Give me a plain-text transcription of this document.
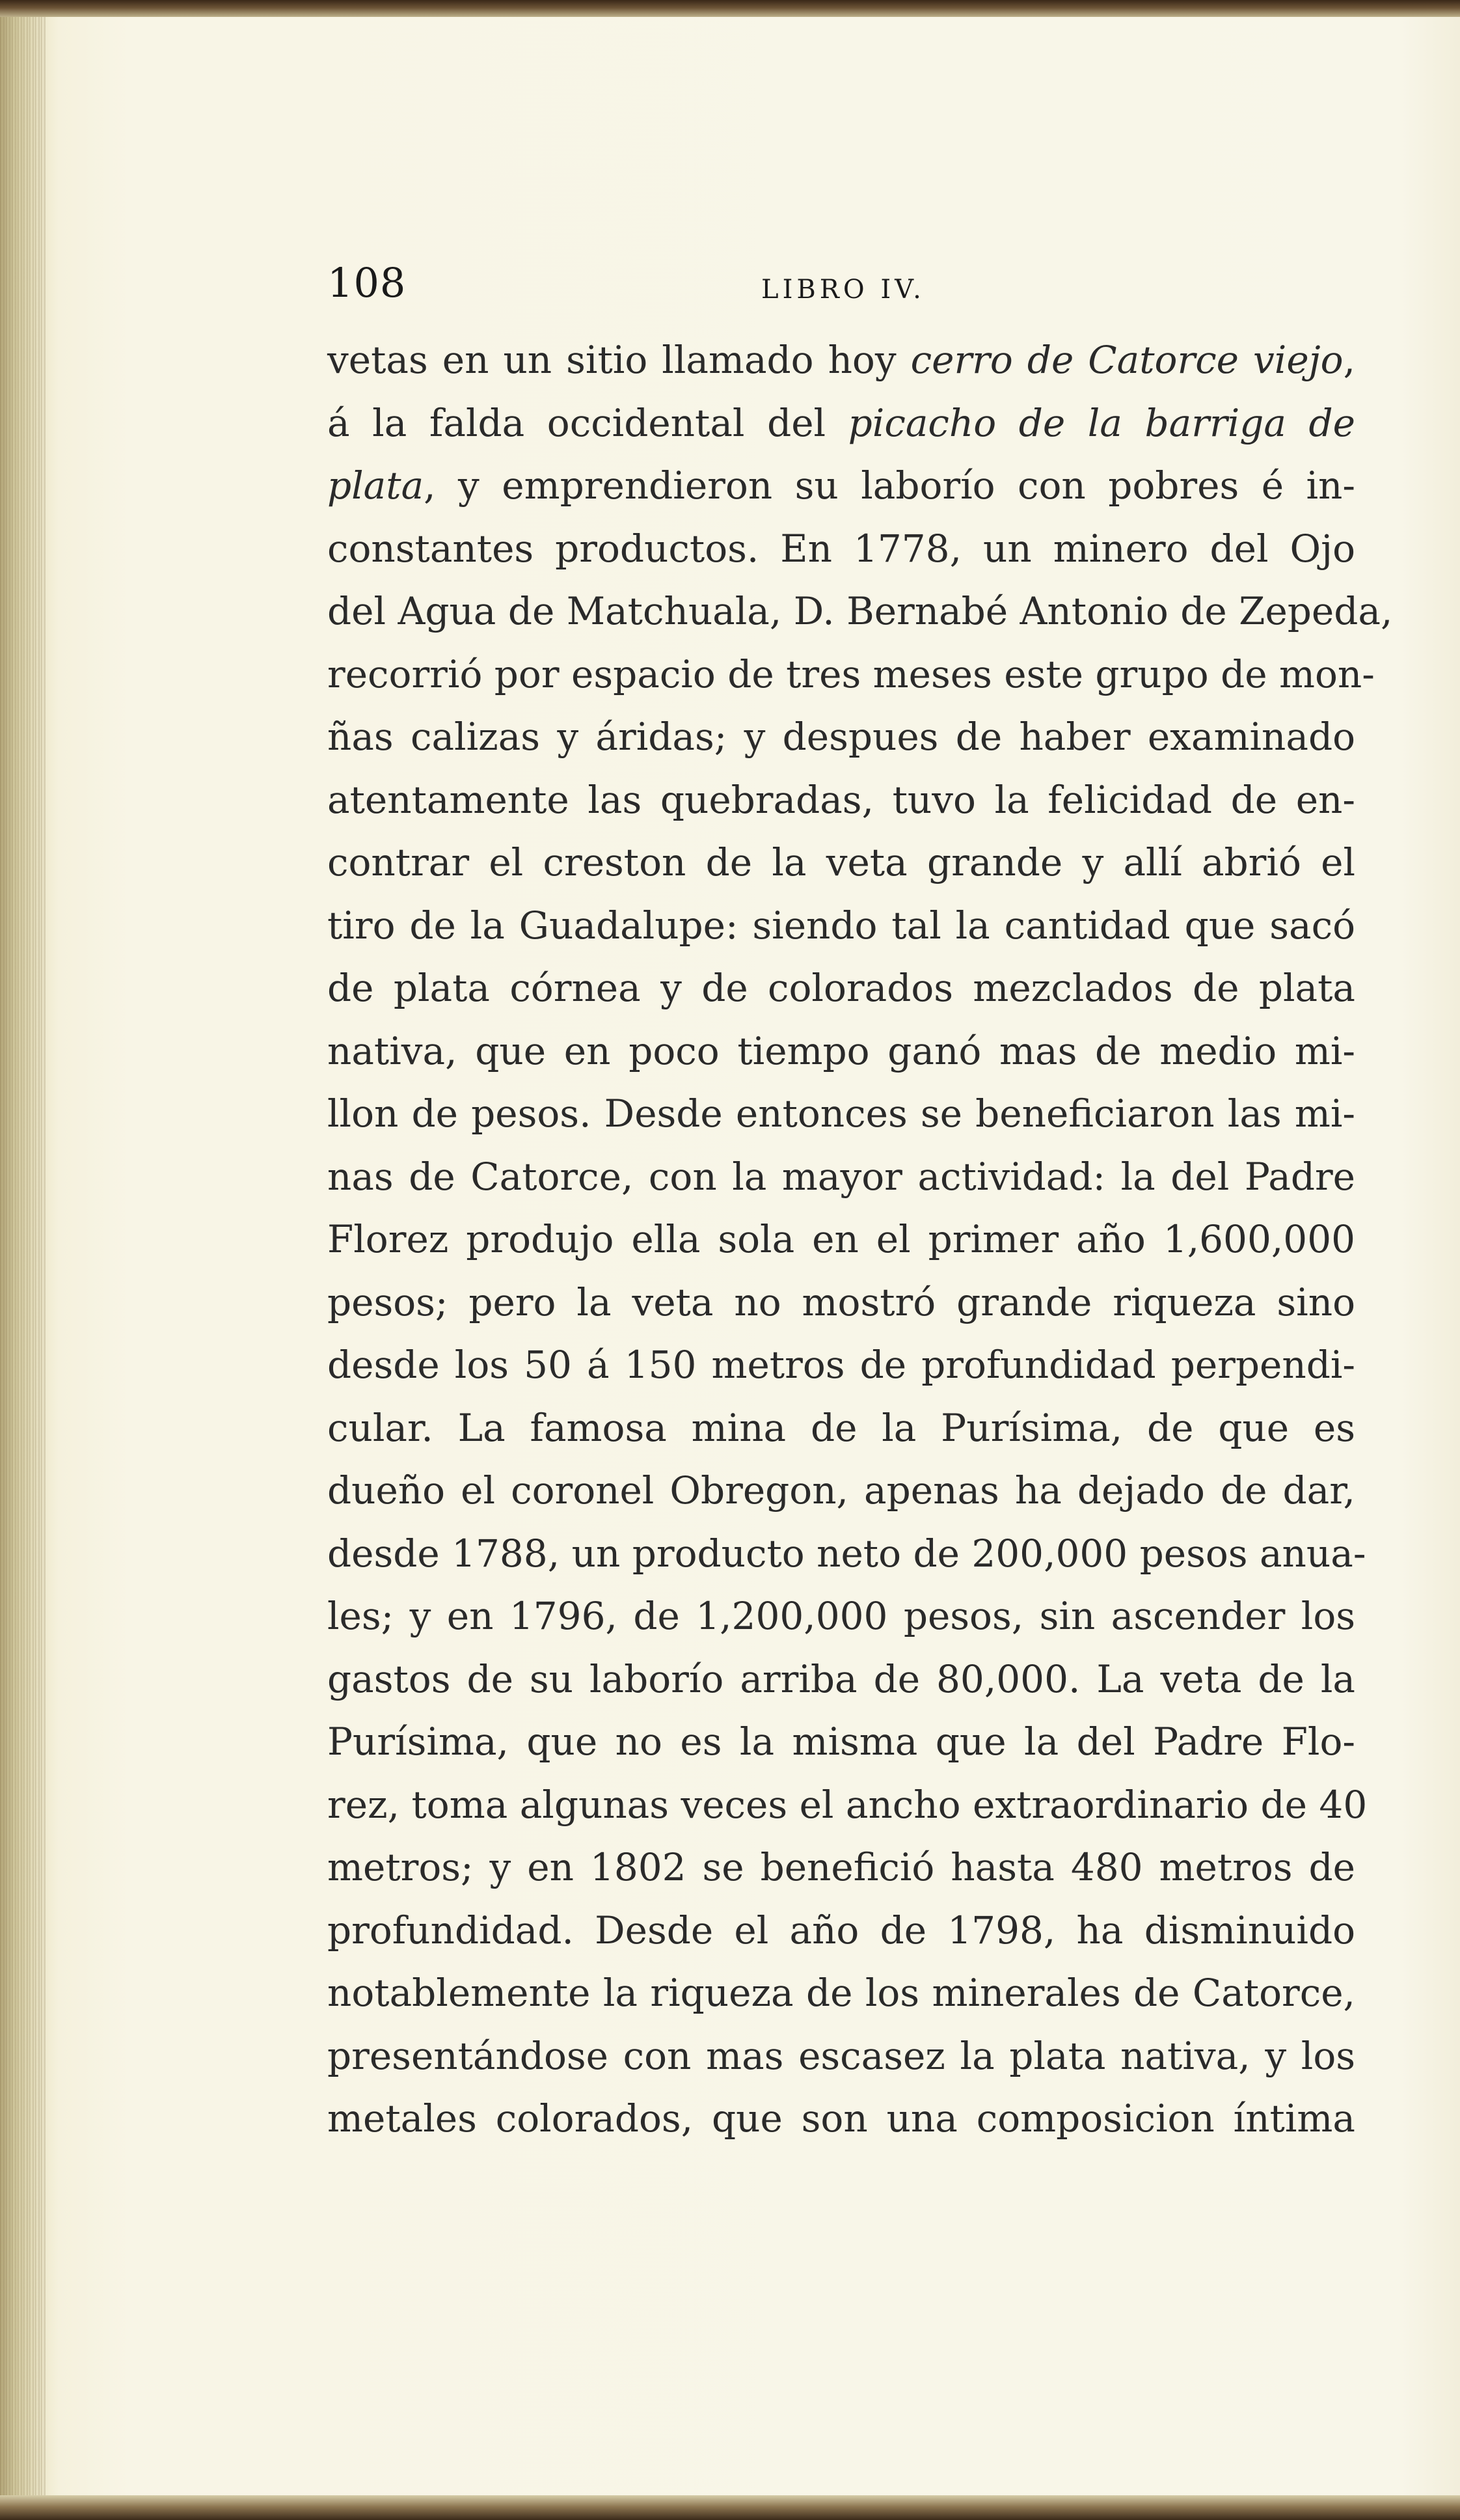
108	LIBRO IV.
vetas en un sitio llamado hoy cerro de Catorce viejo,
á la falda occidental del picacho de la barriga de
plata, y emprendieron su laborío con pobres é in-
constantes productos. En 1778, un minero del Ojo
del Agua de Matchuala, D. Bernabé Antonio de Zepeda,
recorrió por espacio de tres meses este grupo de mon-
ñas calizas y áridas; y despues de haber examinado
atentamente las quebradas, tuvo la felicidad de en-
contrar el creston de la veta grande y allí abrió el
tiro de la Guadalupe: siendo tal la cantidad que sacó
de plata córnea y de colorados mezclados de plata
nativa, que en poco tiempo ganó mas de medio mi-
llon de pesos. Desde entonces se beneficiaron las mi-
nas de Catorce, con la mayor actividad: la del Padre
Florez produjo ella sola en el primer año 1,600,000
pesos; pero la veta no mostró grande riqueza sino
desde los 50 á 150 metros de profundidad perpendi-
cular. La famosa mina de la Purísima, de que es
dueño el coronel Obregon, apenas ha dejado de dar,
desde 1788, un producto neto de 200,000 pesos anua-
les; y en 1796, de 1,200,000 pesos, sin ascender los
gastos de su laborío arriba de 80,000. La veta de la
Purísima, que no es la misma que la del Padre Flo-
rez, toma algunas veces el ancho extraordinario de 40
metros; y en 1802 se benefició hasta 480 metros de
profundidad. Desde el año de 1798, ha disminuido
notablemente la riqueza de los minerales de Catorce,
presentándose con mas escasez la plata nativa, y los
metales colorados, que son una composicion íntima
